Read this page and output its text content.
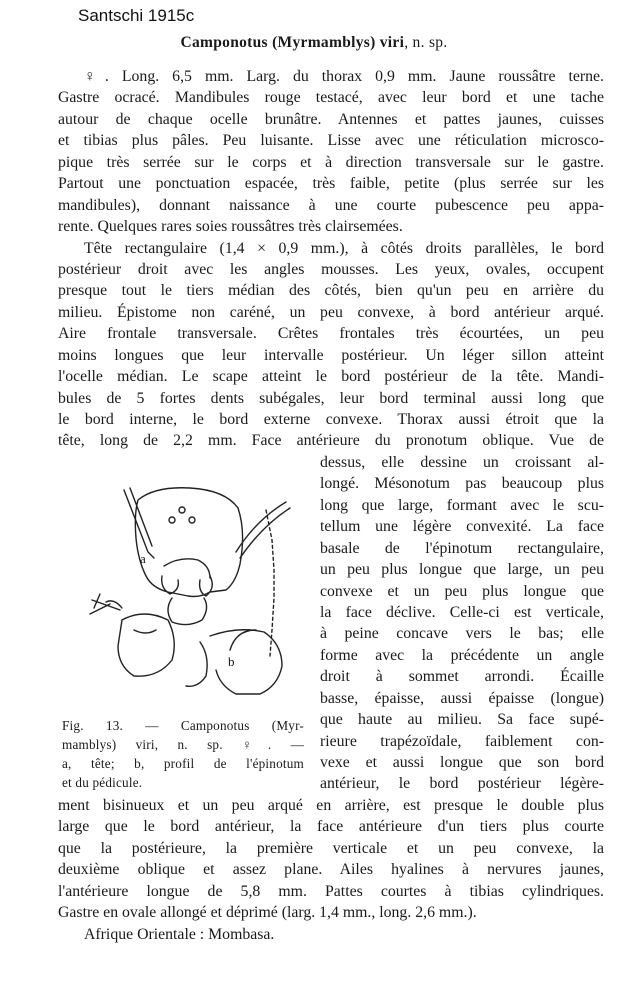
Santschi 1915c
Camponotus (Myrmamblys) viri, n. sp.
♀. Long. 6,5 mm. Larg. du thorax 0,9 mm. Jaune roussâtre terne.
Gastre ocracé. Mandibules rouge testacé, avec leur bord et une tache
autour de chaque ocelle brunâtre. Antennes et pattes jaunes, cuisses
et tibias plus pâles. Peu luisante. Lisse avec une réticulation microsco-
pique très serrée sur le corps et à direction transversale sur le gastre.
Partout une ponctuation espacée, très faible, petite (plus serrée sur les
mandibules), donnant naissance à une courte pubescence peu appa-
rente. Quelques rares soies roussâtres très clairsemées.
Tête rectangulaire (1,4 × 0,9 mm.), à côtés droits parallèles, le bord
postérieur droit avec les angles mousses. Les yeux, ovales, occupent
presque tout le tiers médian des côtés, bien qu'un peu en arrière du
milieu. Épistome non caréné, un peu convexe, à bord antérieur arqué.
Aire frontale transversale. Crêtes frontales très écourtées, un peu
moins longues que leur intervalle postérieur. Un léger sillon atteint
l'ocelle médian. Le scape atteint le bord postérieur de la tête. Mandi-
bules de 5 fortes dents subégales, leur bord terminal aussi long que
le bord interne, le bord externe convexe. Thorax aussi étroit que la
tête, long de 2,2 mm. Face antérieure du pronotum oblique. Vue de
dessus, elle dessine un croissant al-
longé. Mésonotum pas beaucoup plus
long que large, formant avec le scu-
tellum une légère convexité. La face
basale de l'épinotum rectangulaire,
un peu plus longue que large, un peu
convexe et un peu plus longue que
la face déclive. Celle-ci est verticale,
à peine concave vers le bas; elle
forme avec la précédente un angle
droit à sommet arrondi. Écaille
basse, épaisse, aussi épaisse (longue)
que haute au milieu. Sa face supé-
rieure trapézoïdale, faiblement con-
vexe et aussi longue que son bord
antérieur, le bord postérieur légère-
ment bisinueux et un peu arqué en arrière, est presque le double plus
large que le bord antérieur, la face antérieure d'un tiers plus courte
que la postérieure, la première verticale et un peu convexe, la
deuxième oblique et assez plane. Ailes hyalines à nervures jaunes,
l'antérieure longue de 5,8 mm. Pattes courtes à tibias cylindriques.
Gastre en ovale allongé et déprimé (larg. 1,4 mm., long. 2,6 mm.).
Afrique Orientale : Mombasa.
a
b
Fig. 13. — Camponotus (Myr-
mamblys) viri, n. sp. ♀. —
a, tête; b, profil de l'épinotum
et du pédicule.
